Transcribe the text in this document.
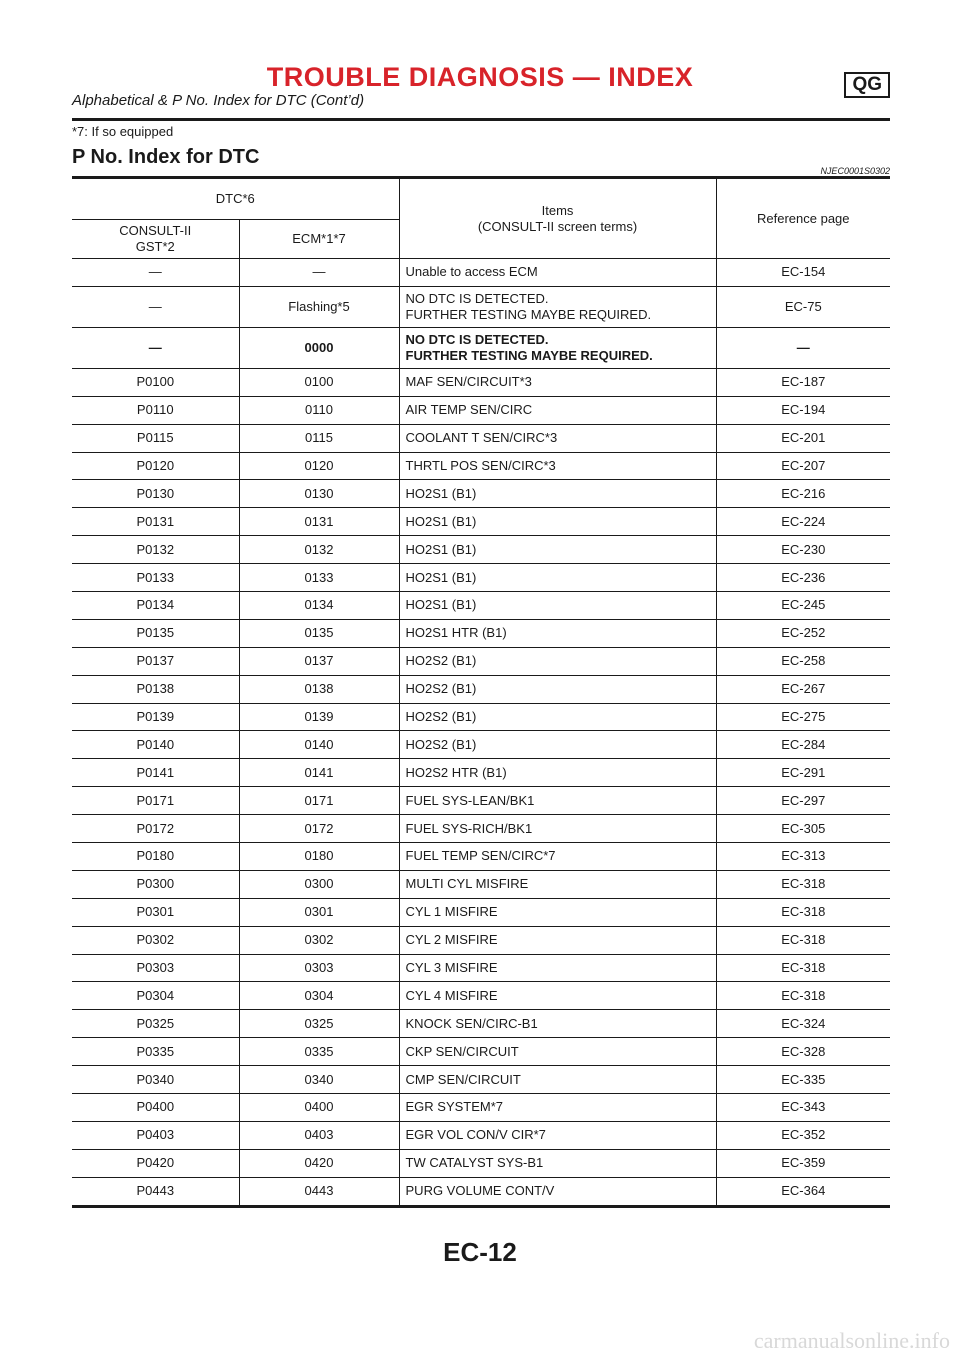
TROUBLE DIAGNOSIS — INDEX	QG
Alphabetical & P No. Index for DTC (Cont’d)
*7: If so equipped
P No. Index for DTC
NJEC0001S0302
DTC*6		Items
(CONSULT-II screen terms)	Reference page
CONSULT-II
GST*2	ECM*1*7		
—	—	Unable to access ECM	EC-154
—	Flashing*5	NO DTC IS DETECTED.
FURTHER TESTING MAYBE REQUIRED.	EC-75
—	0000	NO DTC IS DETECTED.
FURTHER TESTING MAYBE REQUIRED.	—
P0100	0100	MAF SEN/CIRCUIT*3	EC-187
P0110	0110	AIR TEMP SEN/CIRC	EC-194
P0115	0115	COOLANT T SEN/CIRC*3	EC-201
P0120	0120	THRTL POS SEN/CIRC*3	EC-207
P0130	0130	HO2S1 (B1)	EC-216
P0131	0131	HO2S1 (B1)	EC-224
P0132	0132	HO2S1 (B1)	EC-230
P0133	0133	HO2S1 (B1)	EC-236
P0134	0134	HO2S1 (B1)	EC-245
P0135	0135	HO2S1 HTR (B1)	EC-252
P0137	0137	HO2S2 (B1)	EC-258
P0138	0138	HO2S2 (B1)	EC-267
P0139	0139	HO2S2 (B1)	EC-275
P0140	0140	HO2S2 (B1)	EC-284
P0141	0141	HO2S2 HTR (B1)	EC-291
P0171	0171	FUEL SYS-LEAN/BK1	EC-297
P0172	0172	FUEL SYS-RICH/BK1	EC-305
P0180	0180	FUEL TEMP SEN/CIRC*7	EC-313
P0300	0300	MULTI CYL MISFIRE	EC-318
P0301	0301	CYL 1 MISFIRE	EC-318
P0302	0302	CYL 2 MISFIRE	EC-318
P0303	0303	CYL 3 MISFIRE	EC-318
P0304	0304	CYL 4 MISFIRE	EC-318
P0325	0325	KNOCK SEN/CIRC-B1	EC-324
P0335	0335	CKP SEN/CIRCUIT	EC-328
P0340	0340	CMP SEN/CIRCUIT	EC-335
P0400	0400	EGR SYSTEM*7	EC-343
P0403	0403	EGR VOL CON/V CIR*7	EC-352
P0420	0420	TW CATALYST SYS-B1	EC-359
P0443	0443	PURG VOLUME CONT/V	EC-364
EC-12
carmanualsonline.info
